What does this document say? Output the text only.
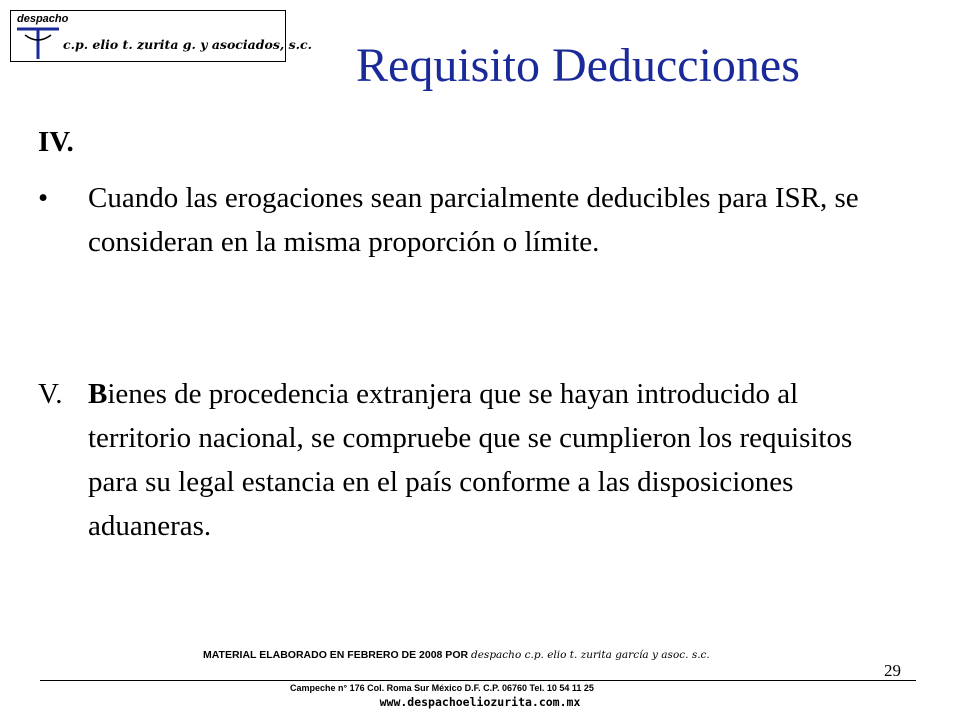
despacho
c.p. elio t. zurita g. y asociados, s.c. Requisito Deducciones
IV.
• Cuando las erogaciones sean parcialmente deducibles para ISR, se consideran en la misma proporción o límite.
V. Bienes de procedencia extranjera que se hayan introducido al territorio nacional, se compruebe que se cumplieron los requisitos para su legal estancia en el país conforme a las disposiciones aduaneras.
MATERIAL ELABORADO EN FEBRERO DE 2008 POR despacho c.p. elio t. zurita garcía y asoc. s.c.
29
Campeche n° 176 Col. Roma Sur México D.F. C.P. 06760 Tel. 10 54 11 25
www.despachoeliozurita.com.mx
